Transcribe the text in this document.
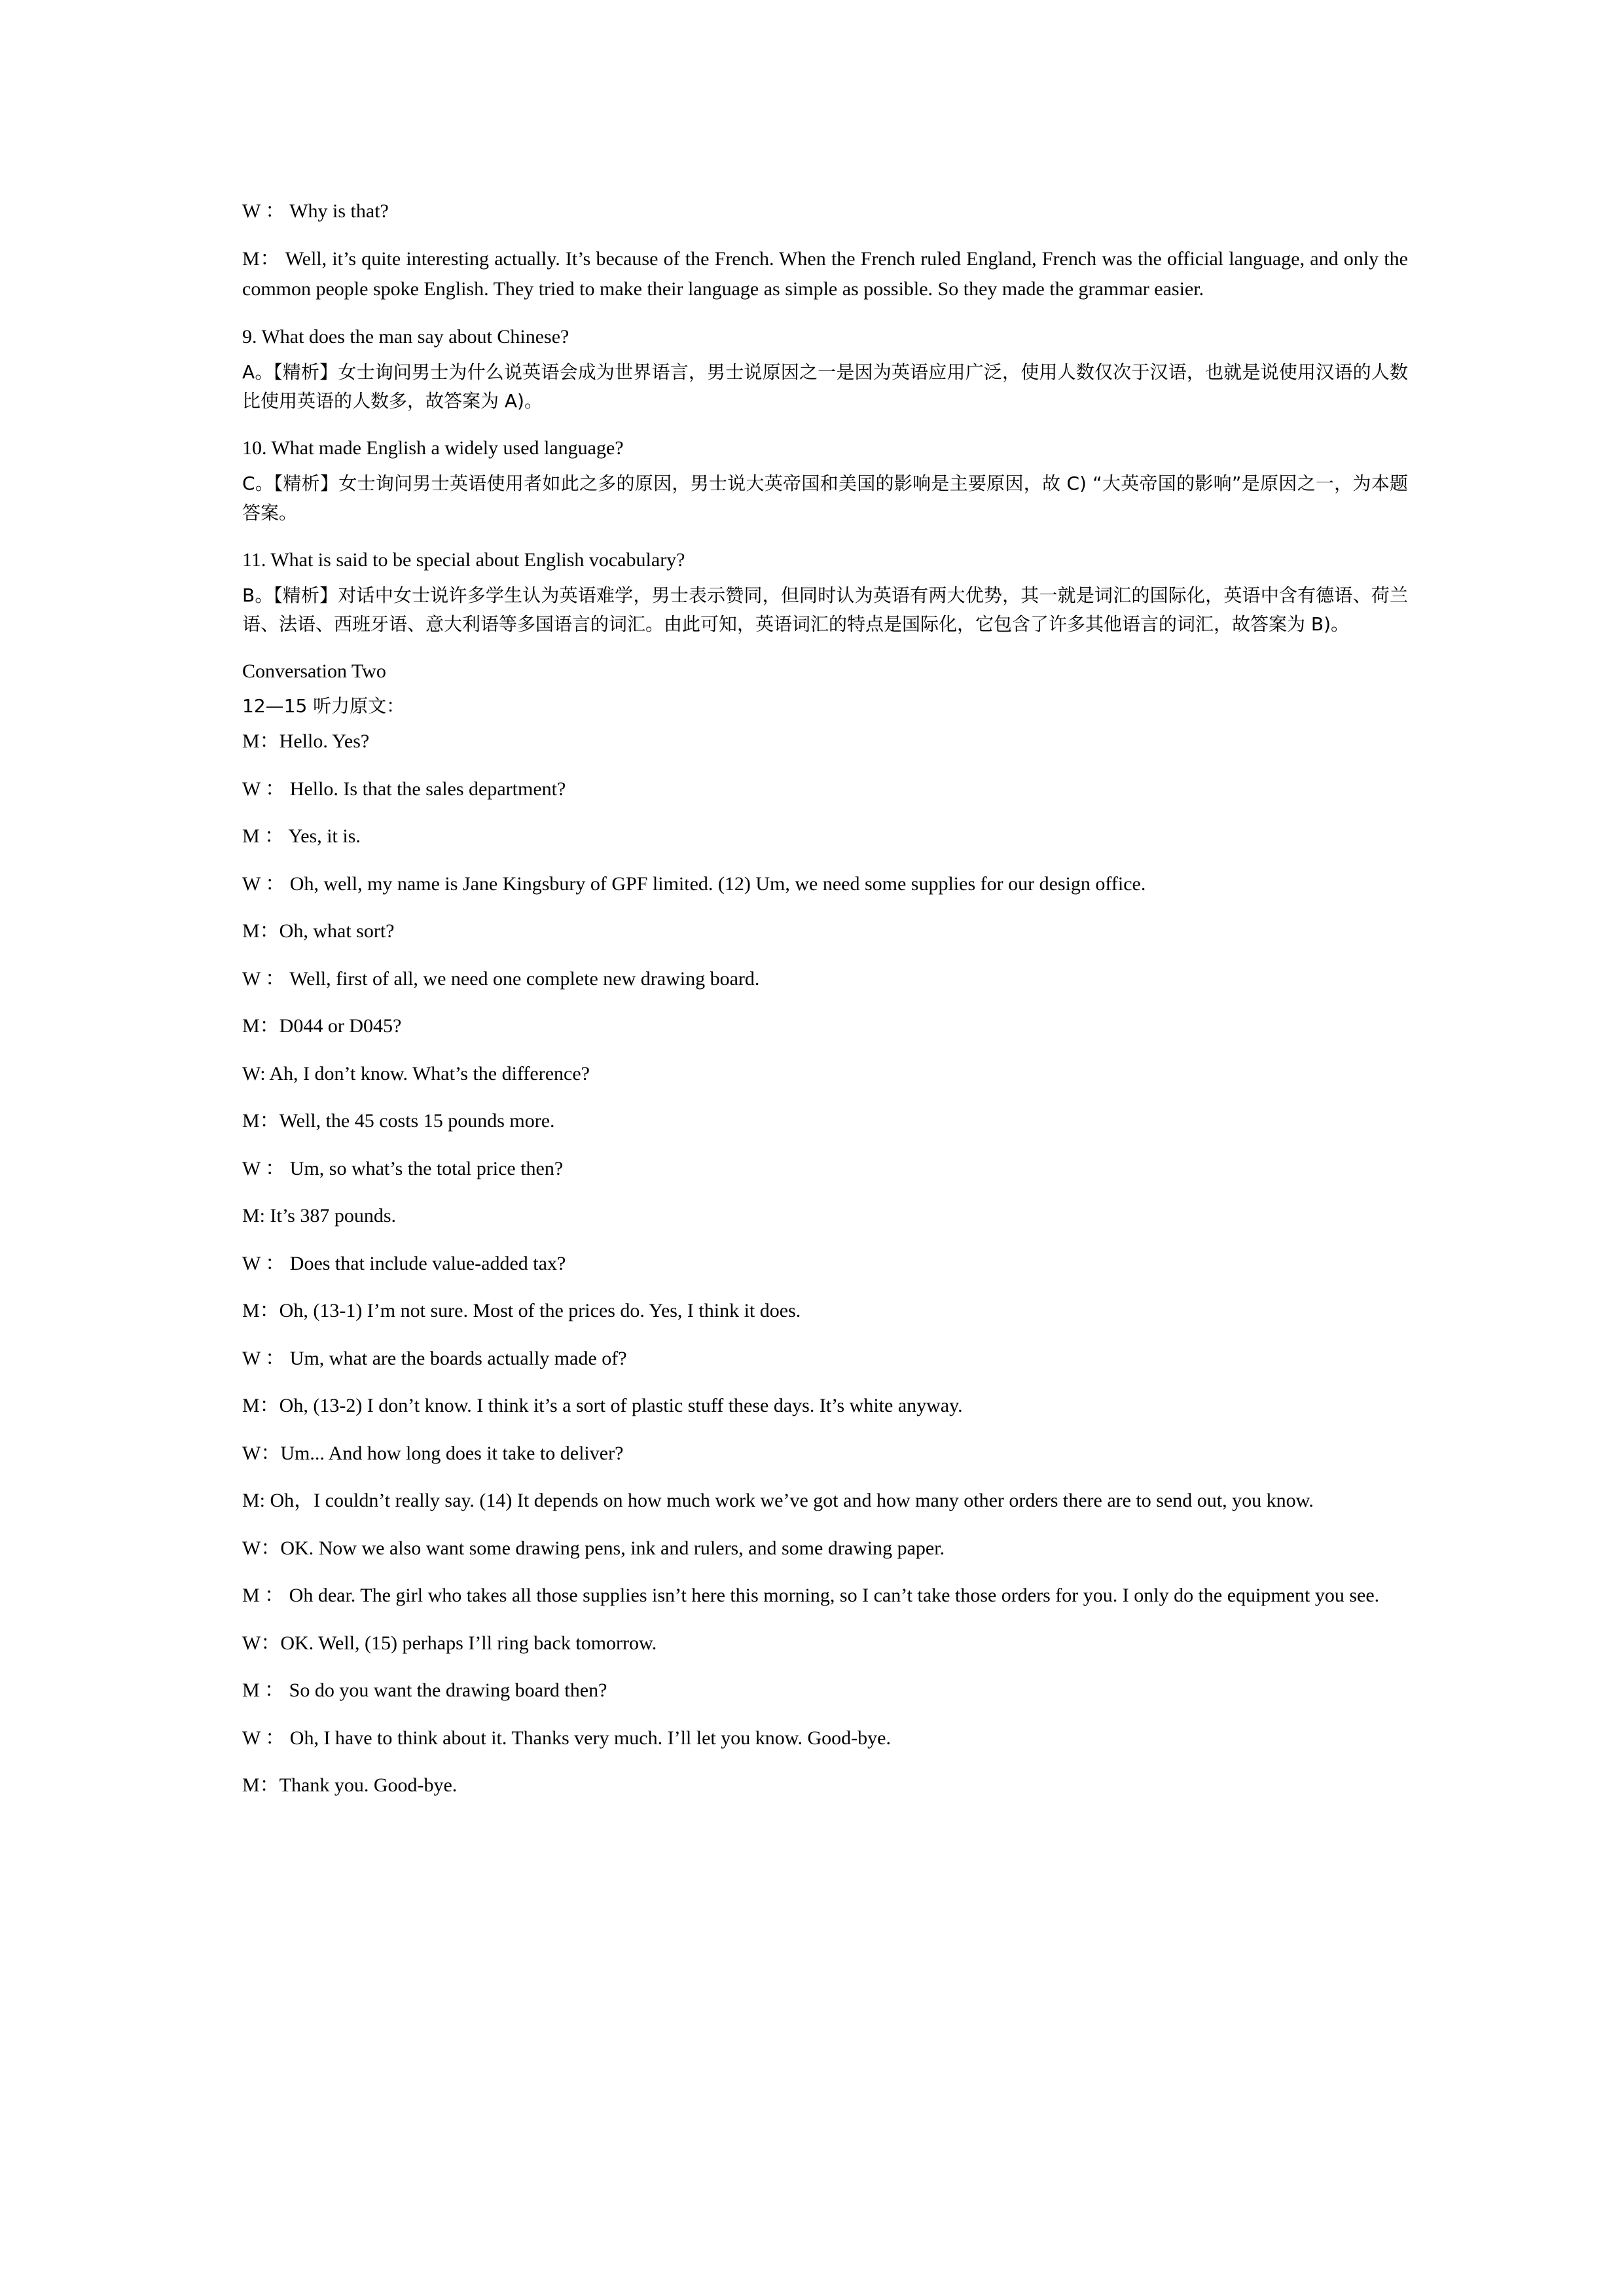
W ： Why is that?

M： Well, it’s quite interesting actually. It’s because of the French. When the French ruled England, French was the official language, and only the common people spoke English. They tried to make their language as simple as possible. So they made the grammar easier.

9. What does the man say about Chinese?

A。【精析】女士询问男士为什么说英语会成为世界语言，男士说原因之一是因为英语应用广泛，使用人数仅次于汉语，也就是说使用汉语的人数比使用英语的人数多，故答案为 A)。

10. What made English a widely used language?

C。【精析】女士询问男士英语使用者如此之多的原因，男士说大英帝国和美国的影响是主要原因，故 C) “大英帝国的影响”是原因之一，为本题答案。

11. What is said to be special about English vocabulary?

B。【精析】对话中女士说许多学生认为英语难学，男士表示赞同，但同时认为英语有两大优势，其一就是词汇的国际化，英语中含有德语、荷兰语、法语、西班牙语、意大利语等多国语言的词汇。由此可知，英语词汇的特点是国际化，它包含了许多其他语言的词汇，故答案为 B)。

Conversation Two

12—15 听力原文：

M：Hello. Yes?

W ： Hello. Is that the sales department?

M ： Yes, it is.

W ： Oh, well, my name is Jane Kingsbury of GPF limited. (12) Um, we need some supplies for our design office.

M：Oh, what sort?

W ： Well, first of all, we need one complete new drawing board.

M：D044 or D045?

W: Ah, I don’t know. What’s the difference?

M：Well, the 45 costs 15 pounds more.

W ： Um, so what’s the total price then?

M: It’s 387 pounds.

W ： Does that include value-added tax?

M：Oh, (13-1) I’m not sure. Most of the prices do. Yes, I think it does.

W ： Um, what are the boards actually made of?

M：Oh, (13-2) I don’t know. I think it’s a sort of plastic stuff these days. It’s white anyway.

W：Um... And how long does it take to deliver?

M: Oh，I couldn’t really say. (14) It depends on how much work we’ve got and how many other orders there are to send out, you know.

W：OK. Now we also want some drawing pens, ink and rulers, and some drawing paper.

M ： Oh dear. The girl who takes all those supplies isn’t here this morning, so I can’t take those orders for you. I only do the equipment you see.

W：OK. Well, (15) perhaps I’ll ring back tomorrow.

M ： So do you want the drawing board then?

W ： Oh, I have to think about it. Thanks very much. I’ll let you know. Good-bye.

M：Thank you. Good-bye.
